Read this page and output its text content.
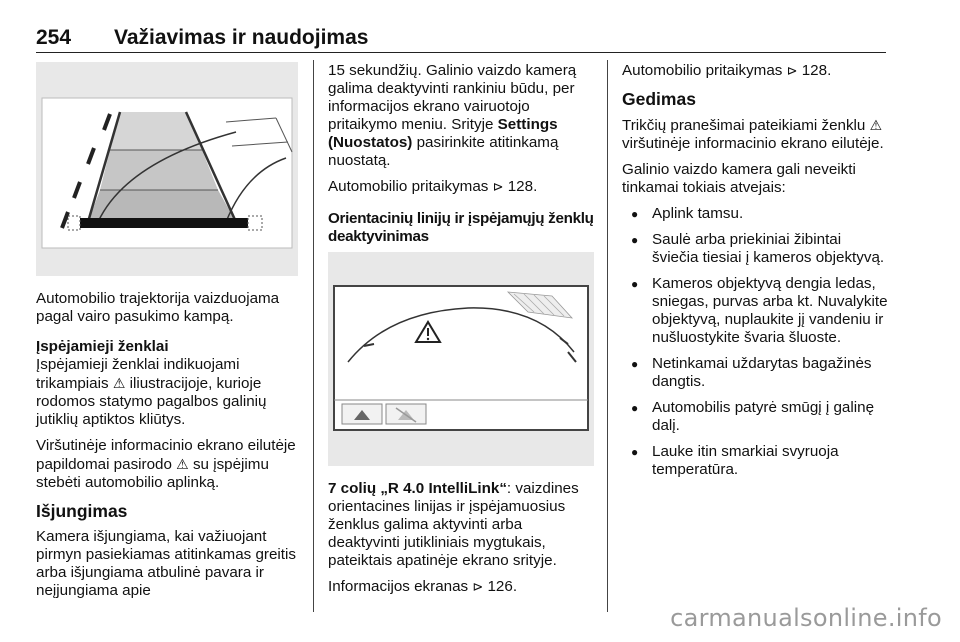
254 Važiavimas ir naudojimas

Automobilio trajektorija vaizduojama pagal vairo pasukimo kampą.

Įspėjamieji ženklai

Įspėjamieji ženklai indikuojami trikampiais ⚠ iliustracijoje, kurioje rodomos statymo pagalbos galinių jutiklių aptiktos kliūtys.

Viršutinėje informacinio ekrano eilutėje papildomai pasirodo ⚠ su įspėjimu stebėti automobilio aplinką.

Išjungimas

Kamera išjungiama, kai važiuojant pirmyn pasiekiamas atitinkamas greitis arba išjungiama atbulinė pavara ir neįjungiama apie

15 sekundžių. Galinio vaizdo kamerą galima deaktyvinti rankiniu būdu, per informacijos ekrano vairuotojo pritaikymo meniu. Srityje Settings (Nuostatos) pasirinkite atitinkamą nuostatą.

Automobilio pritaikymas ⊳ 128.

Orientacinių linijų ir įspėjamųjų ženklų deaktyvinimas

7 colių „R 4.0 IntelliLink“: vaizdines orientacines linijas ir įspėjamuosius ženklus galima aktyvinti arba deaktyvinti jutikliniais mygtukais, pateiktais apatinėje ekrano srityje.

Informacijos ekranas ⊳ 126.

Automobilio pritaikymas ⊳ 128.

Gedimas

Trikčių pranešimai pateikiami ženklu ⚠ viršutinėje informacinio ekrano eilutėje.

Galinio vaizdo kamera gali neveikti tinkamai tokiais atvejais:

● Aplink tamsu.
● Saulė arba priekiniai žibintai šviečia tiesiai į kameros objektyvą.
● Kameros objektyvą dengia ledas, sniegas, purvas arba kt. Nuvalykite objektyvą, nuplaukite jį vandeniu ir nušluostykite švaria šluoste.
● Netinkamai uždarytas bagažinės dangtis.
● Automobilis patyrė smūgį į galinę dalį.
● Lauke itin smarkiai svyruoja temperatūra.
carmanualsonline.info
